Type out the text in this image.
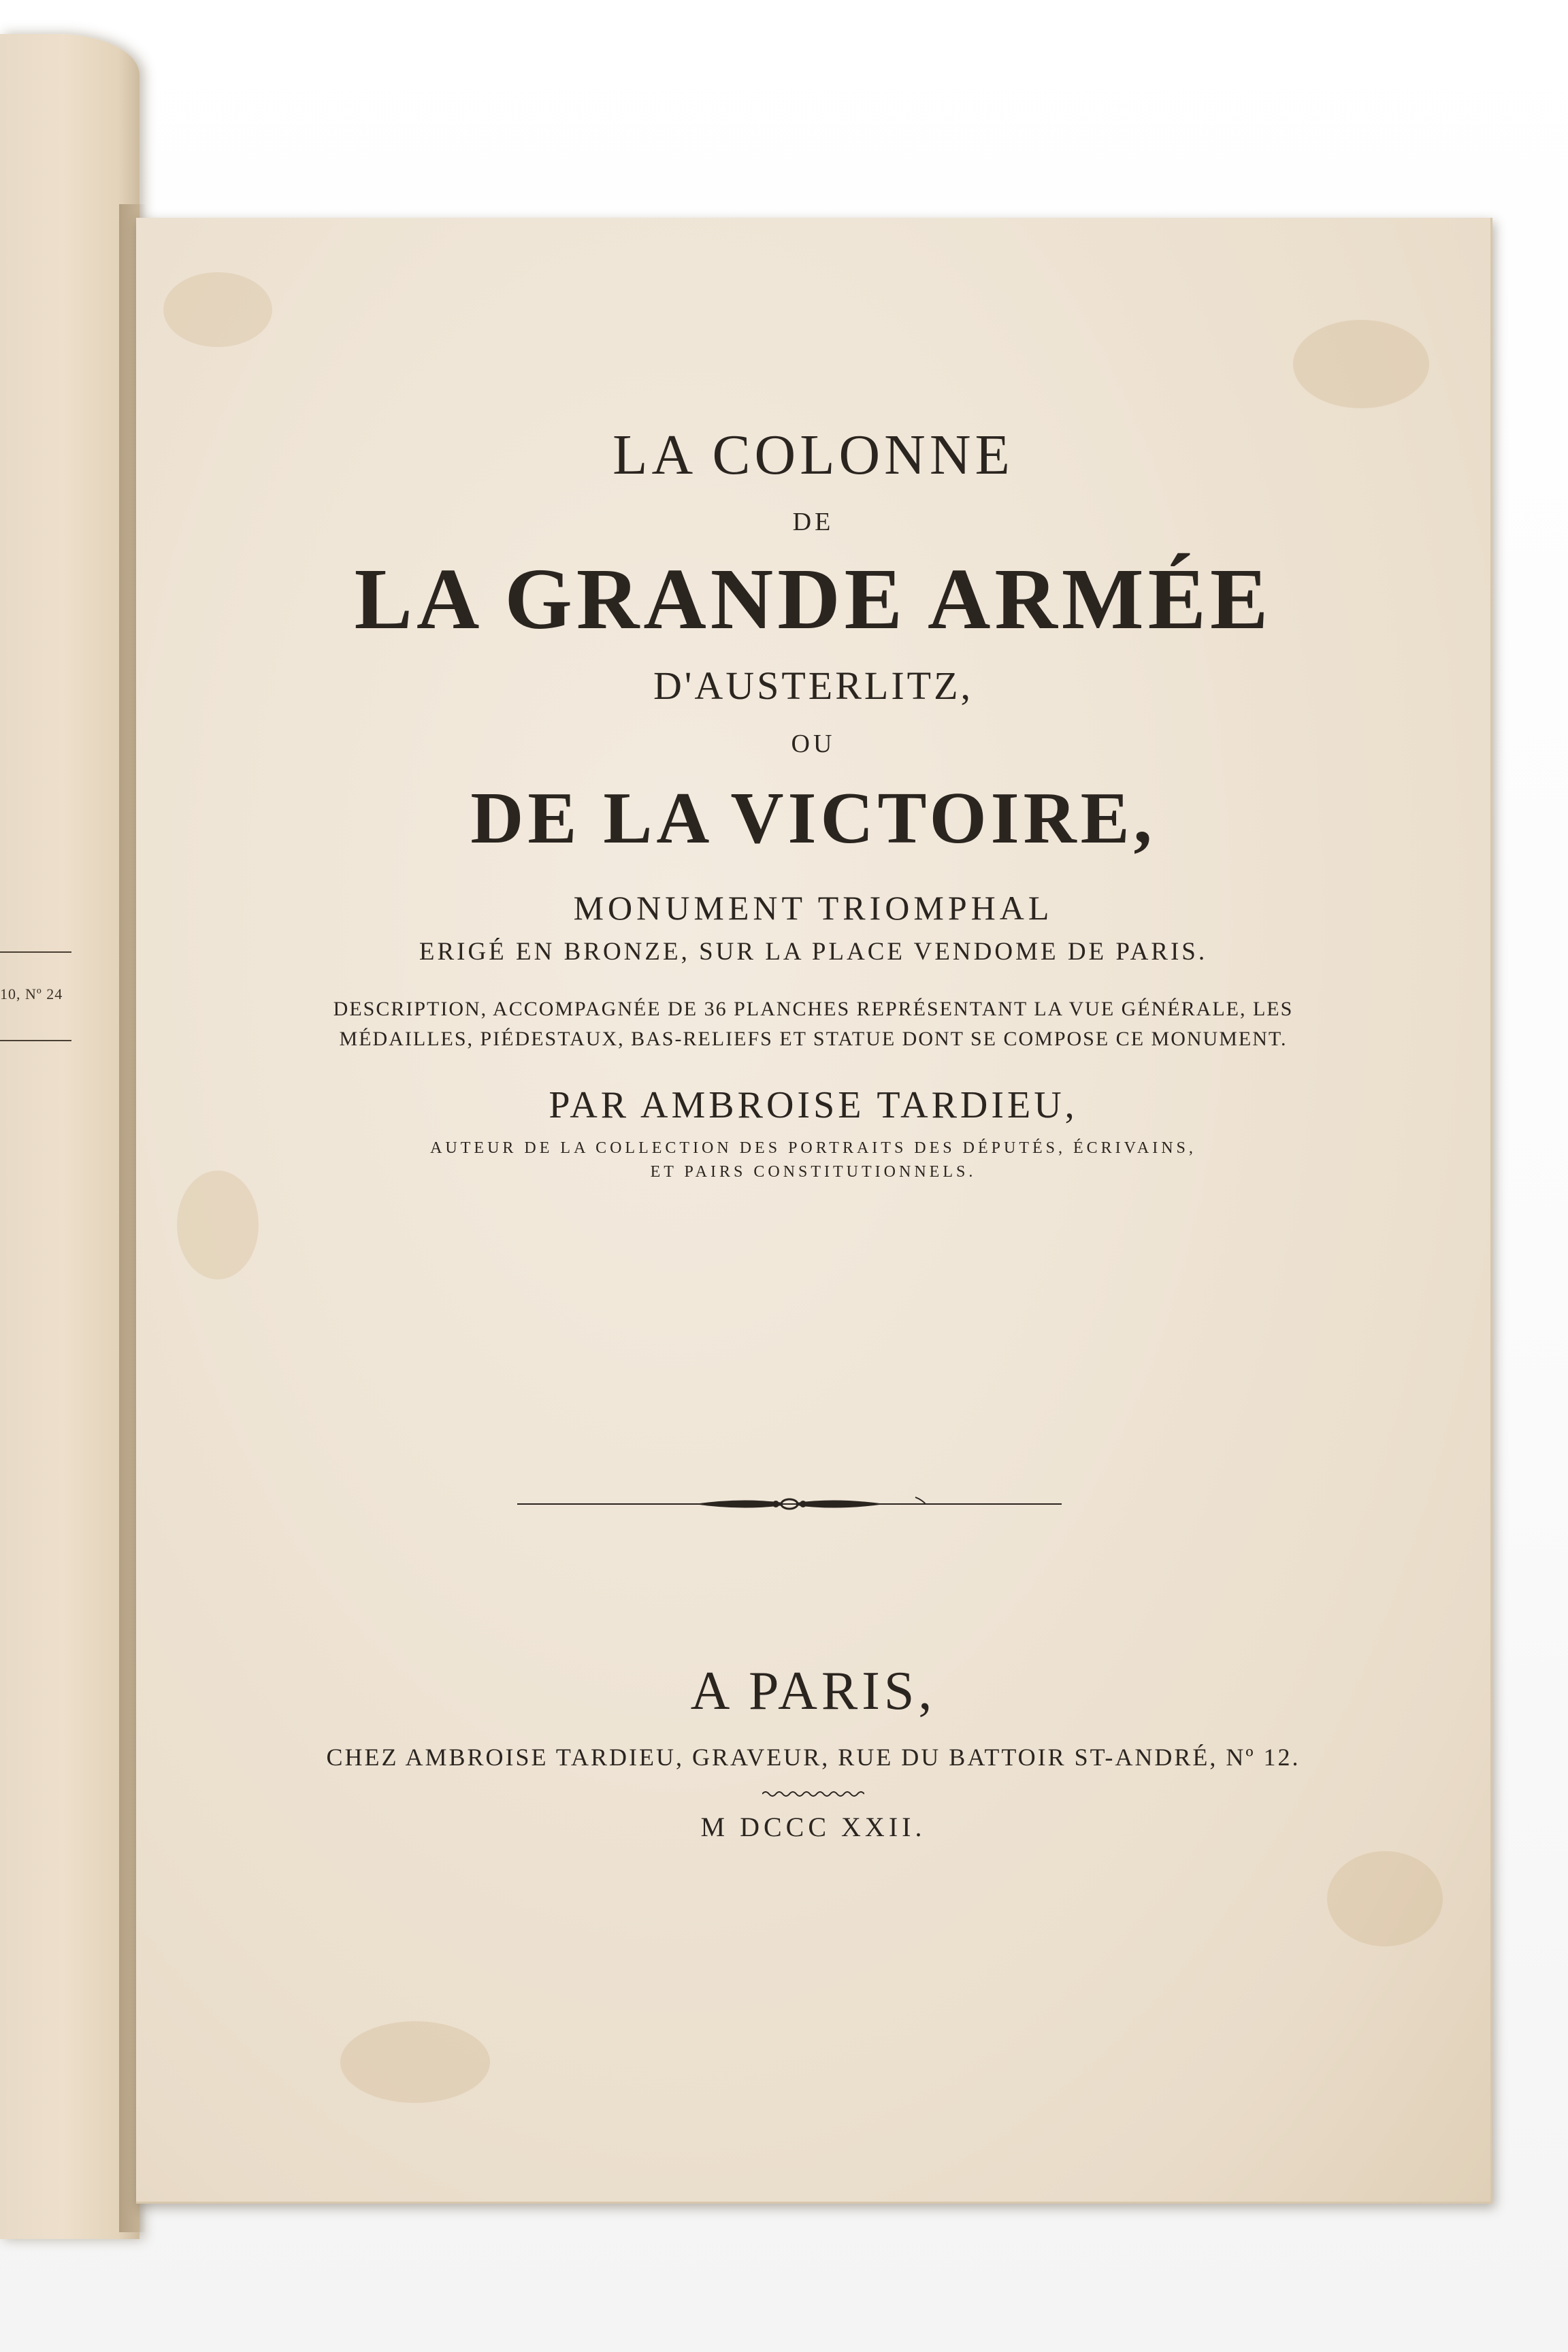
10, Nº 24
LA COLONNE
DE
LA GRANDE ARMÉE
D'AUSTERLITZ,
OU
DE LA VICTOIRE,
MONUMENT TRIOMPHAL
ERIGÉ EN BRONZE, SUR LA PLACE VENDOME DE PARIS.
DESCRIPTION, ACCOMPAGNÉE DE 36 PLANCHES REPRÉSENTANT LA VUE GÉNÉRALE, LES
MÉDAILLES, PIÉDESTAUX, BAS-RELIEFS ET STATUE DONT SE COMPOSE CE MONUMENT.
PAR AMBROISE TARDIEU,
AUTEUR DE LA COLLECTION DES PORTRAITS DES DÉPUTÉS, ÉCRIVAINS,
ET PAIRS CONSTITUTIONNELS.
A PARIS,
CHEZ AMBROISE TARDIEU, GRAVEUR, RUE DU BATTOIR ST-ANDRÉ, Nº 12.
M DCCC XXII.
